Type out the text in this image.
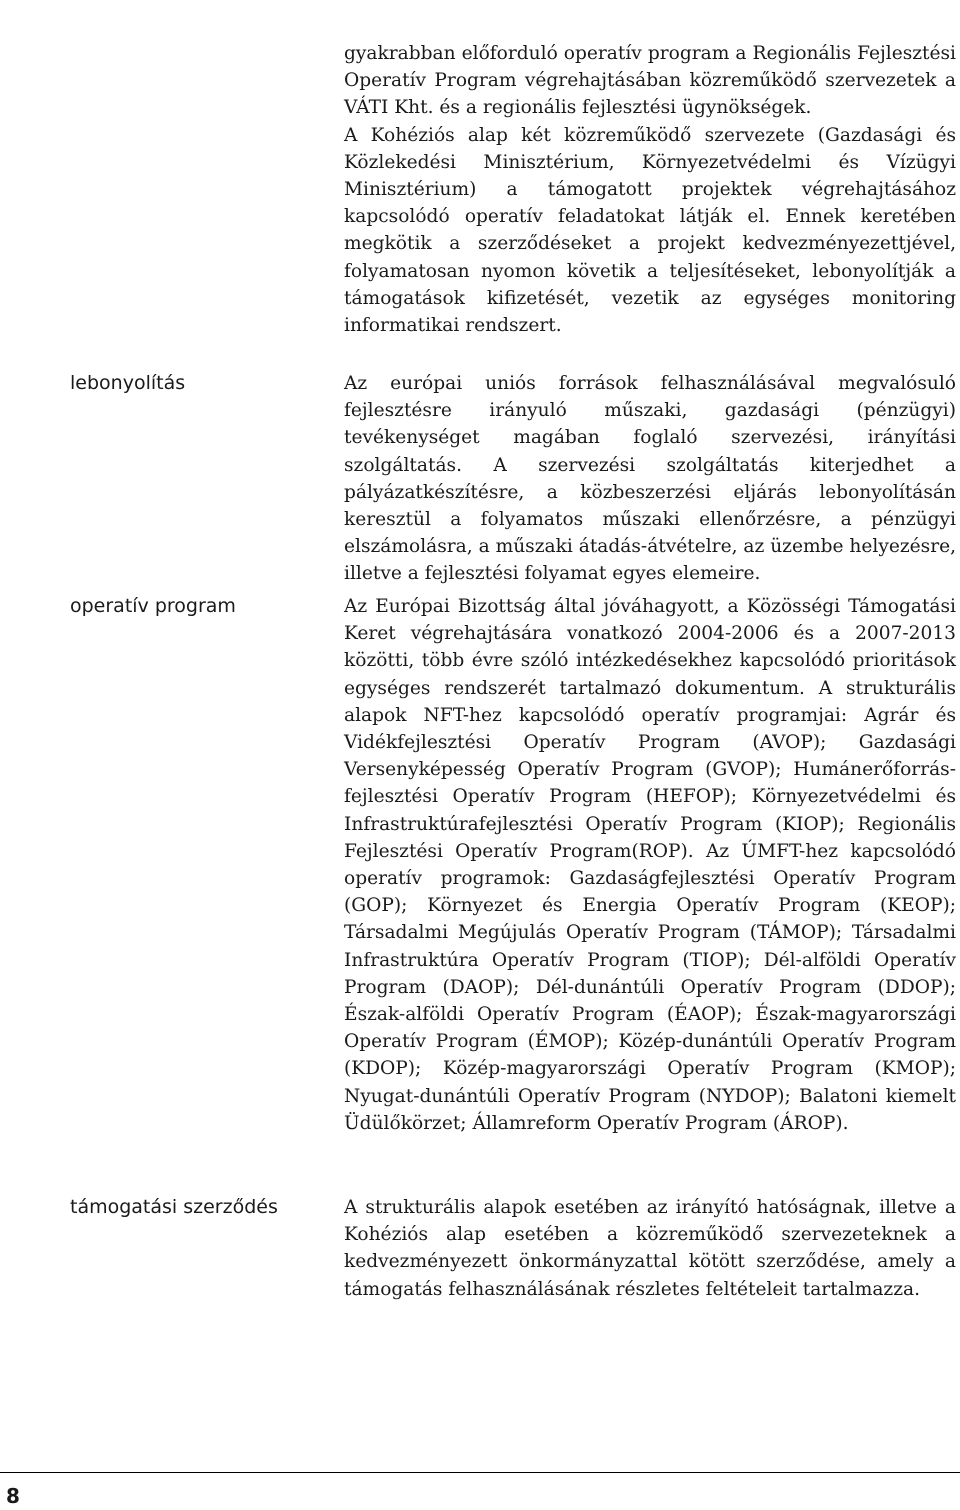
gyakrabban előforduló operatív program a Regionális Fejlesztési Operatív Program végrehajtásában közreműködő szervezetek a VÁTI Kht. és a regionális fejlesztési ügynökségek.

A Kohéziós alap két közreműködő szervezete (Gazdasági és Közlekedési Minisztérium, Környezetvédelmi és Vízügyi Minisztérium) a támogatott projektek végrehajtásához kapcsolódó operatív feladatokat látják el. Ennek keretében megkötik a szerződéseket a projekt kedvezményezettjével, folyamatosan nyomon követik a teljesítéseket, lebonyolítják a támogatások kifizetését, vezetik az egységes monitoring informatikai rendszert.

lebonyolítás	Az európai uniós források felhasználásával megvalósuló fejlesztésre irányuló műszaki, gazdasági (pénzügyi) tevékenységet magában foglaló szervezési, irányítási szolgáltatás. A szervezési szolgáltatás kiterjedhet a pályázatkészítésre, a közbeszerzési eljárás lebonyolításán keresztül a folyamatos műszaki ellenőrzésre, a pénzügyi elszámolásra, a műszaki átadás-átvételre, az üzembe helyezésre, illetve a fejlesztési folyamat egyes elemeire.

operatív program	Az Európai Bizottság által jóváhagyott, a Közösségi Támogatási Keret végrehajtására vonatkozó 2004-2006 és a 2007-2013 közötti, több évre szóló intézkedésekhez kapcsolódó prioritások egységes rendszerét tartalmazó dokumentum. A strukturális alapok NFT-hez kapcsolódó operatív programjai: Agrár és Vidékfejlesztési Operatív Program (AVOP); Gazdasági Versenyképesség Operatív Program (GVOP); Humánerőforrás-fejlesztési Operatív Program (HEFOP); Környezetvédelmi és Infrastruktúrafejlesztési Operatív Program (KIOP); Regionális Fejlesztési Operatív Program(ROP). Az ÚMFT-hez kapcsolódó operatív programok: Gazdaságfejlesztési Operatív Program (GOP); Környezet és Energia Operatív Program (KEOP); Társadalmi Megújulás Operatív Program (TÁMOP); Társadalmi Infrastruktúra Operatív Program (TIOP); Dél-alföldi Operatív Program (DAOP); Dél-dunántúli Operatív Program (DDOP); Észak-alföldi Operatív Program (ÉAOP); Észak-magyarországi Operatív Program (ÉMOP); Közép-dunántúli Operatív Program (KDOP); Közép-magyarországi Operatív Program (KMOP); Nyugat-dunántúli Operatív Program (NYDOP); Balatoni kiemelt Üdülőkörzet; Államreform Operatív Program (ÁROP).

támogatási szerződés	A strukturális alapok esetében az irányító hatóságnak, illetve a Kohéziós alap esetében a közreműködő szervezeteknek a kedvezményezett önkormányzattal kötött szerződése, amely a támogatás felhasználásának részletes feltételeit tartalmazza.

8
